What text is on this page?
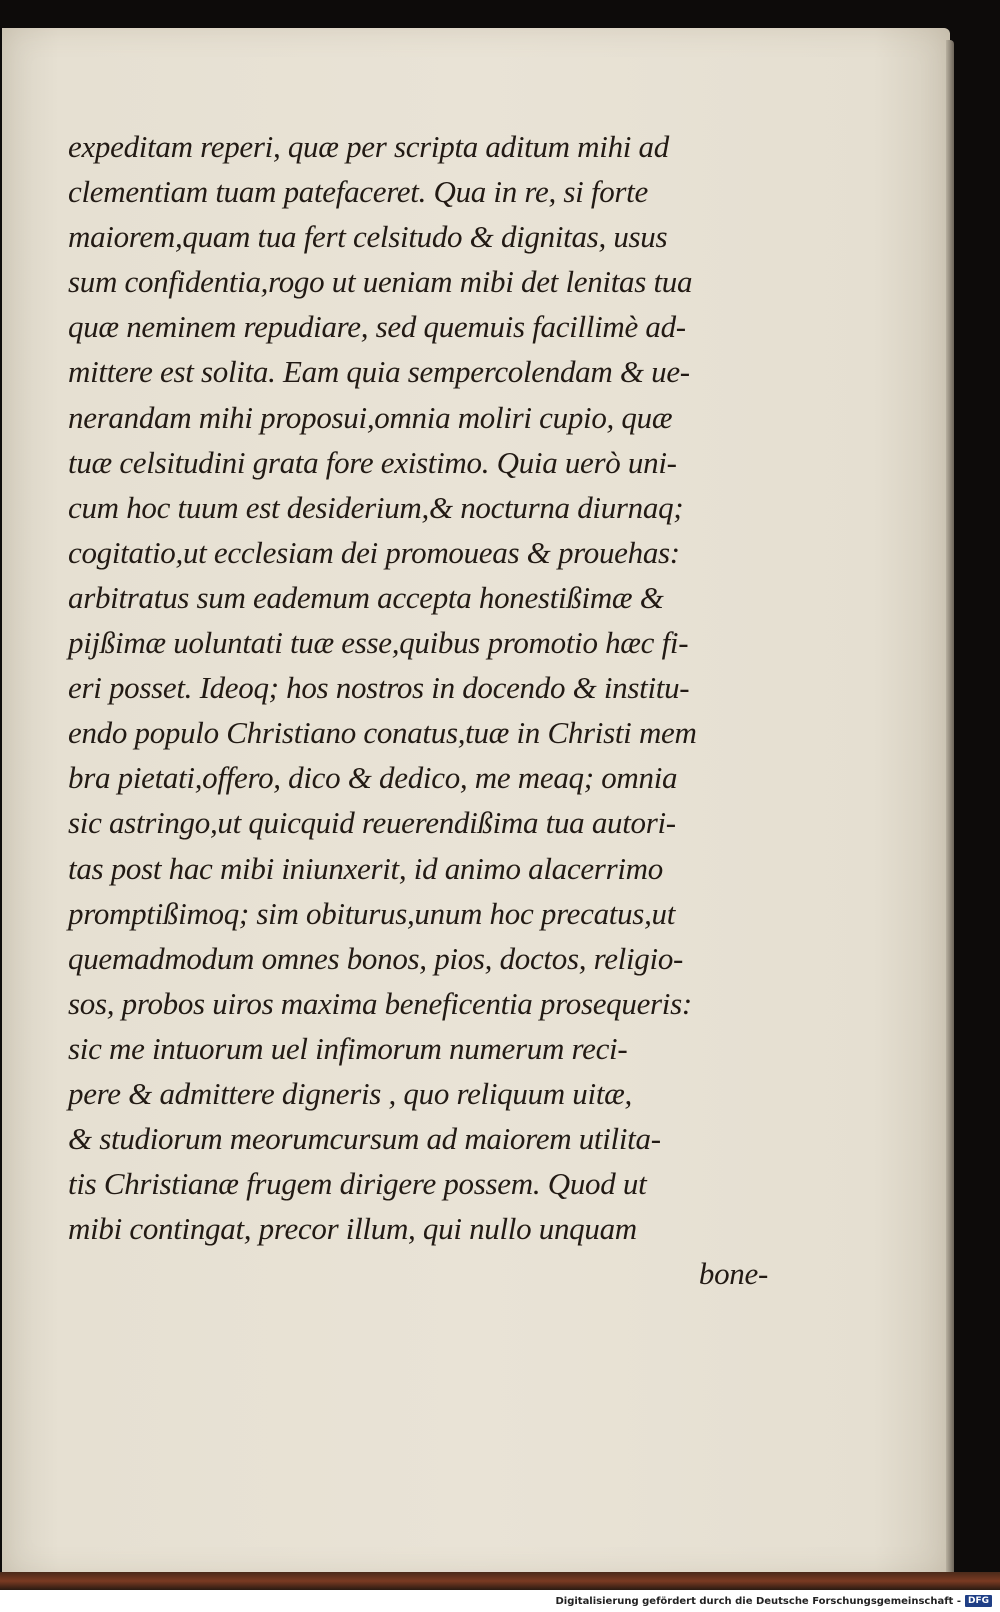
expeditam reperi, quæ per scripta aditum mihi ad
clementiam tuam patefaceret. Qua in re, si forte
maiorem,quam tua fert celsitudo & dignitas, usus
sum confidentia,rogo ut ueniam mibi det lenitas tua
quæ neminem repudiare, sed quemuis facillimè ad-
mittere est solita. Eam quia sempercolendam & ue-
nerandam mihi proposui,omnia moliri cupio, quæ
tuæ celsitudini grata fore existimo. Quia uerò uni-
cum hoc tuum est desiderium,& nocturna diurnaq;
cogitatio,ut ecclesiam dei promoueas & prouehas:
arbitratus sum eademum accepta honestißimæ &
pijßimæ uoluntati tuæ esse,quibus promotio hæc fi-
eri posset. Ideoq; hos nostros in docendo & institu-
endo populo Christiano conatus,tuæ in Christi mem
bra pietati,offero, dico & dedico, me meaq; omnia
sic astringo,ut quicquid reuerendißima tua autori-
tas post hac mibi iniunxerit, id animo alacerrimo
promptißimoq; sim obiturus,unum hoc precatus,ut
quemadmodum omnes bonos, pios, doctos, religio-
sos, probos uiros maxima beneficentia prosequeris:
sic me intuorum uel infimorum numerum reci-
pere & admittere digneris , quo reliquum uitæ,
& studiorum meorumcursum ad maiorem utilita-
tis Christianæ frugem dirigere possem. Quod ut
mibi contingat, precor illum, qui nullo unquam
bone-
Digitalisierung gefördert durch die Deutsche Forschungsgemeinschaft - DFG
